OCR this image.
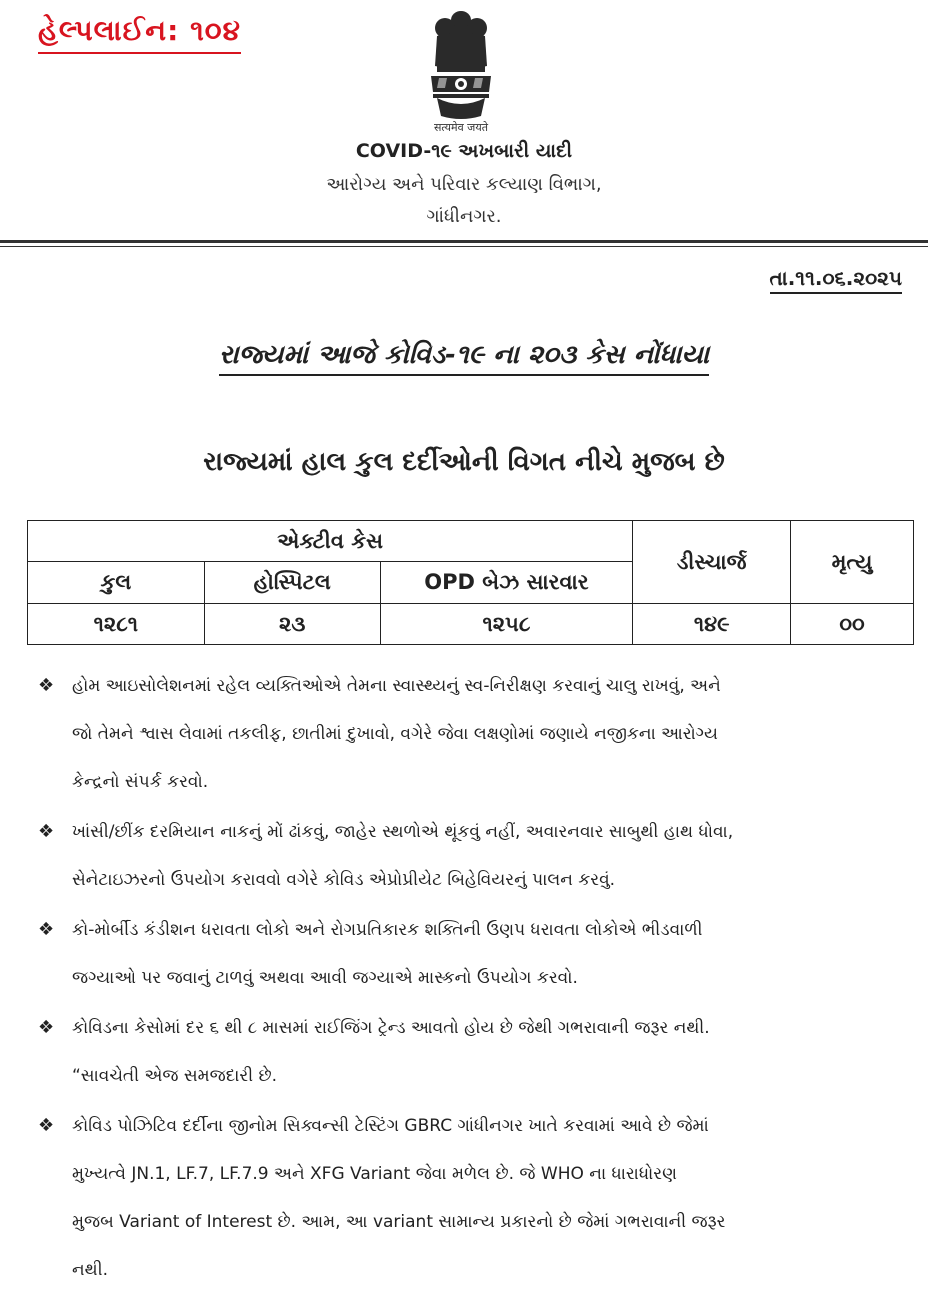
હેલ્પલાઈન: ૧૦૪
सत्यमेव जयते
COVID-૧૯ અખબારી યાદી
આરોગ્ય અને પરિવાર કલ્યાણ વિભાગ,
ગાંધીનગર.
તા.૧૧.૦૬.૨૦૨૫
રાજ્યમાં આજે કોવિડ-૧૯ ના ૨૦૩ કેસ નોંધાયા
રાજ્યમાં હાલ કુલ દર્દીઓની વિગત નીચે મુજબ છે
એક્ટીવ કેસ			ડીસ્ચાર્જ	મૃત્યુ
કુલ	હોસ્પિટલ	OPD બેઝ સારવાર		
૧૨૮૧	૨૩	૧૨૫૮	૧૪૯	૦૦
❖ હોમ આઇસોલેશનમાં રહેલ વ્યક્તિઓએ તેમના સ્વાસ્થ્યનું સ્વ-નિરીક્ષણ કરવાનું ચાલુ રાખવું, અને
જો તેમને શ્વાસ લેવામાં તકલીફ, છાતીમાં દુખાવો, વગેરે જેવા લક્ષણોમાં જણાયે નજીકના આરોગ્ય
કેન્દ્રનો સંપર્ક કરવો.
❖ ખાંસી/છીંક દરમિયાન નાકનું મોં ઢાંકવું, જાહેર સ્થળોએ થૂંકવું નહીં, અવારનવાર સાબુથી હાથ ધોવા,
સેનેટાઇઝરનો ઉપયોગ કરાવવો વગેરે કોવિડ એપ્રોપ્રીયેટ બિહેવિયરનું પાલન કરવું.
❖ કો-મોર્બીડ કંડીશન ધરાવતા લોકો અને રોગપ્રતિકારક શક્તિની ઉણપ ધરાવતા લોકોએ ભીડવાળી
જગ્યાઓ પર જવાનું ટાળવું અથવા આવી જગ્યાએ માસ્કનો ઉપયોગ કરવો.
❖ કોવિડના કેસોમાં દર ૬ થી ૮ માસમાં રાઈજિંગ ટ્રેન્ડ આવતો હોય છે જેથી ગભરાવાની જરૂર નથી.
“સાવચેતી એજ સમજદારી છે.
❖ કોવિડ પોઝિટિવ દર્દીના જીનોમ સિક્વન્સી ટેસ્ટિંગ GBRC ગાંધીનગર ખાતે કરવામાં આવે છે જેમાં
મુખ્યત્વે JN.1, LF.7, LF.7.9 અને XFG Variant જેવા મળેલ છે. જે WHO ના ધારાધોરણ
મુજબ Variant of Interest છે. આમ, આ variant સામાન્ય પ્રકારનો છે જેમાં ગભરાવાની જરૂર
નથી.
